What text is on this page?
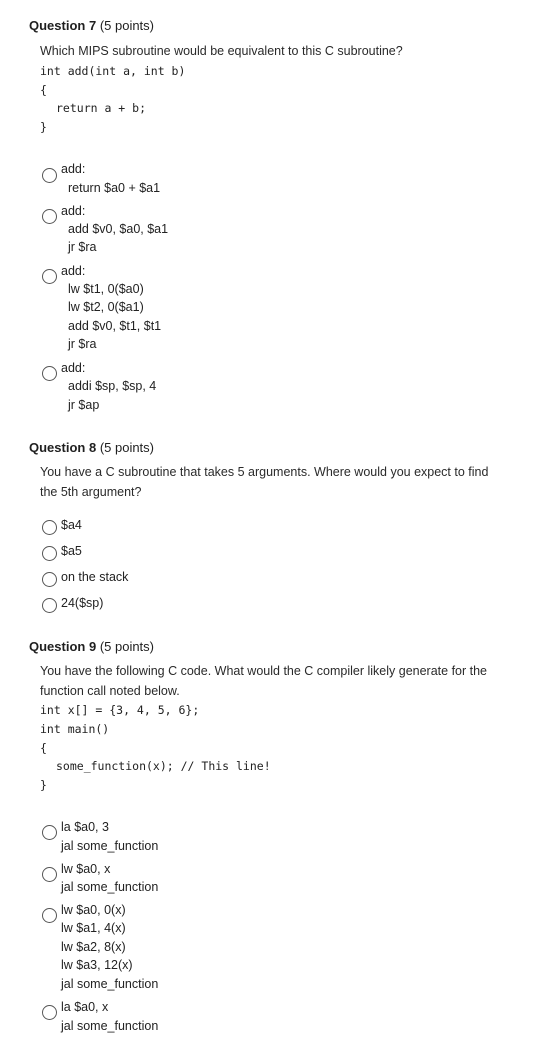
Question 7 (5 points)
Which MIPS subroutine would be equivalent to this C subroutine?
int add(int a, int b)
{
return a + b;
}
add:
return $a0 + $a1
add:
add $v0, $a0, $a1
jr $ra
add:
lw $t1, 0($a0)
lw $t2, 0($a1)
add $v0, $t1, $t1
jr $ra
add:
addi $sp, $sp, 4
jr $ap
Question 8 (5 points)
You have a C subroutine that takes 5 arguments. Where would you expect to find
the 5th argument?
$a4
$a5
on the stack
24($sp)
Question 9 (5 points)
You have the following C code. What would the C compiler likely generate for the
function call noted below.
int x[] = {3, 4, 5, 6};
int main()
{
some_function(x); // This line!
}
la $a0, 3
jal some_function
lw $a0, x
jal some_function
lw $a0, 0(x)
lw $a1, 4(x)
lw $a2, 8(x)
lw $a3, 12(x)
jal some_function
la $a0, x
jal some_function
